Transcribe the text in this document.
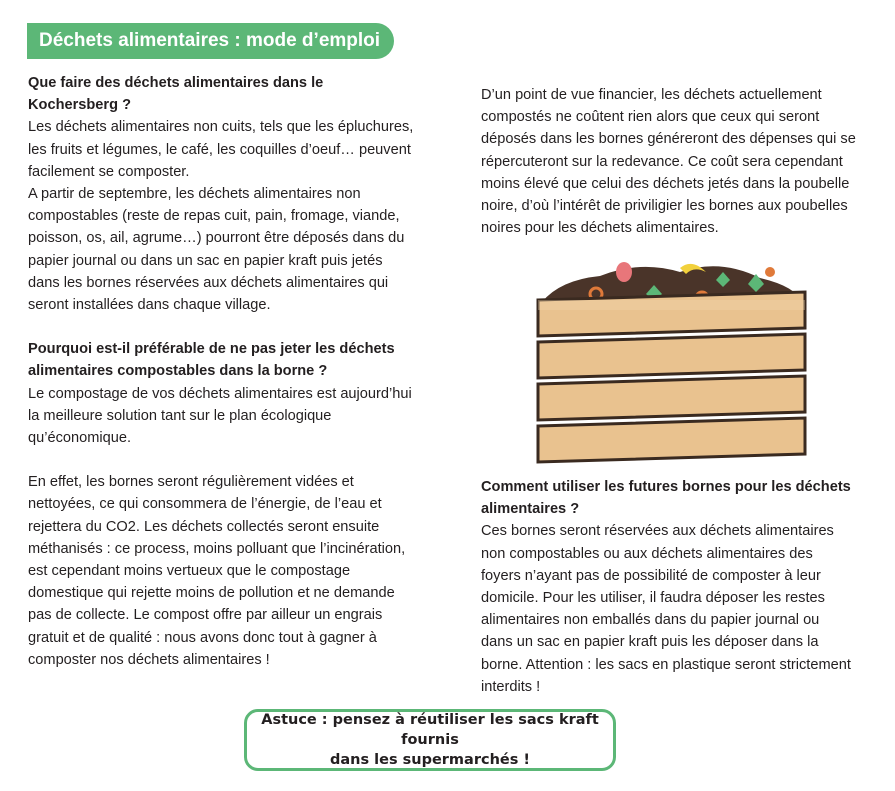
Déchets alimentaires : mode d’emploi

Que faire des déchets alimentaires dans le Kochersberg ?

Les déchets alimentaires non cuits, tels que les épluchures, les fruits et légumes, le café, les coquilles d’oeuf… peuvent facilement se composter.

A partir de septembre, les déchets alimentaires non compostables (reste de repas cuit, pain, fromage, viande, poisson, os, ail, agrume…) pourront être déposés dans du papier journal ou dans un sac en papier kraft puis jetés dans les bornes réservées aux déchets alimentaires qui seront installées dans chaque village.

Pourquoi est-il préférable de ne pas jeter les déchets alimentaires compostables dans la borne ?

Le compostage de vos déchets alimentaires est aujourd’hui la meilleure solution tant sur le plan écologique qu’économique.

En effet, les bornes seront régulièrement vidées et nettoyées, ce qui consommera de l’énergie, de l’eau et rejettera du CO2. Les déchets collectés seront ensuite méthanisés : ce process, moins polluant que l’incinération, est cependant moins vertueux que le compostage domestique qui rejette moins de pollution et ne demande pas de collecte. Le compost offre par ailleur un engrais gratuit et de qualité : nous avons donc tout à gagner à composter nos déchets alimentaires !

D’un point de vue financier, les déchets actuellement compostés ne coûtent rien alors que ceux qui seront déposés dans les bornes généreront des dépenses qui se répercuteront sur la redevance. Ce coût sera cependant moins élevé que celui des déchets jetés dans la poubelle noire, d’où l’intérêt de priviligier les bornes aux poubelles noires pour les déchets alimentaires.

Comment utiliser les futures bornes pour les déchets alimentaires ?

Ces bornes seront réservées aux déchets alimentaires non compostables ou aux déchets alimentaires des foyers n’ayant pas de possibilité de composter à leur domicile. Pour les utiliser, il faudra déposer les restes alimentaires non emballés dans du papier journal ou dans un sac en papier kraft puis les déposer dans la borne. Attention : les sacs en plastique seront strictement interdits !

Astuce : pensez à réutiliser les sacs kraft fournis
dans les supermarchés !
